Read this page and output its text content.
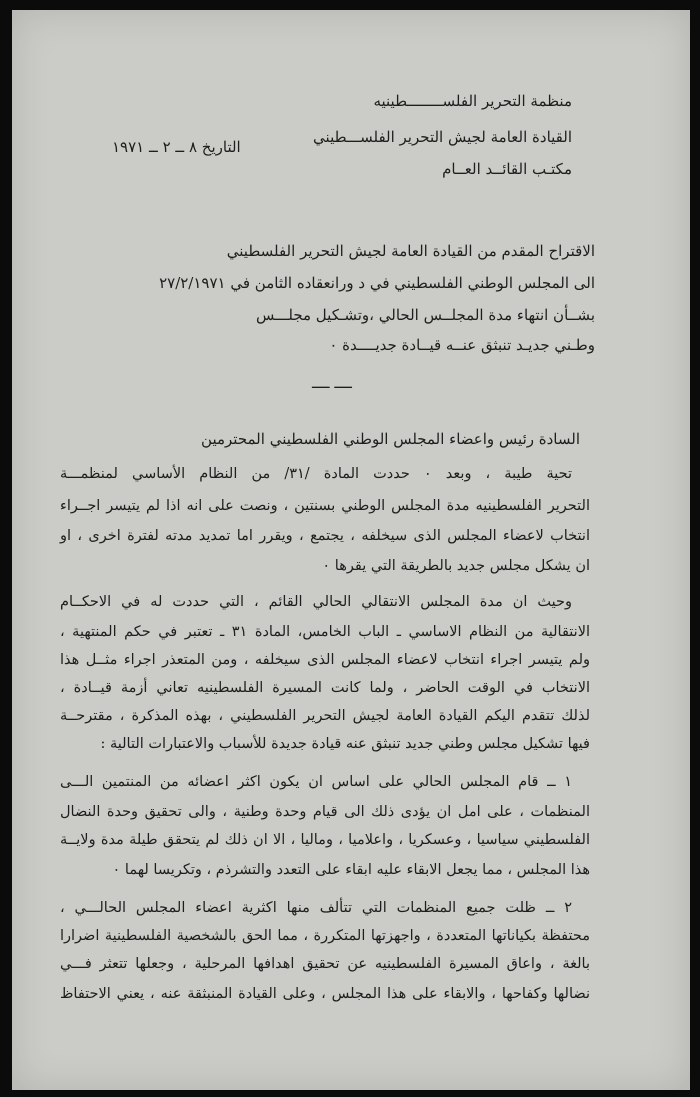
منظمة التحرير الفلســــــــطينيه
القيادة العامة لجيش التحرير الفلســـطيني
مكتـب القائــد العــام
التاريخ ٨ ــ ٢ ــ ١٩٧١
الاقتراح المقدم من القيادة العامة لجيش التحرير الفلسطيني
الى المجلس الوطني الفلسطيني في د ورانعقاده الثامن في ٢٧/٢/١٩٧١
بشــأن انتهاء مدة المجلــس الحالي ،وتشـكيل مجلـــس
وطـني جديـد تنبثق عنــه قيــادة جديــــدة ٠
ــــ ــــ
السادة رئيس واعضاء المجلس الوطني الفلسطيني المحترمين
تحية طيبة ، وبعد ٠ حددت المادة /٣١/ من النظام الأساسي لمنظمـــة
التحرير الفلسطينيه مدة المجلس الوطني بسنتين ، ونصت على انه اذا لم يتيسر اجــراء
انتخاب لاعضاء المجلس الذى سيخلفه ، يجتمع ، ويقرر اما تمديد مدته لفترة اخرى ، او
ان يشكل مجلس جديد بالطريقة التي يقرها ٠
وحيث ان مدة المجلس الانتقالي الحالي القائم ، التي حددت له في الاحكــام
الانتقالية من النظام الاساسي ـ الباب الخامس، المادة ٣١ ـ تعتبر في حكم المنتهية ،
ولم يتيسر اجراء انتخاب لاعضاء المجلس الذى سيخلفه ، ومن المتعذر اجراء مثــل هذا
الانتخاب في الوقت الحاضر ، ولما كانت المسيرة الفلسطينيه تعاني أزمة قيــادة ،
لذلك تتقدم اليكم القيادة العامة لجيش التحرير الفلسطيني ، بهذه المذكرة ، مقترحــة
فيها تشكيل مجلس وطني جديد تنبثق عنه قيادة جديدة للأسباب والاعتبارات التالية :
١ ــ قام المجلس الحالي على اساس ان يكون اكثر اعضائه من المنتمين الـــى
المنظمات ، على امل ان يؤدى ذلك الى قيام وحدة وطنية ، والى تحقيق وحدة النضال
الفلسطيني سياسيا ، وعسكريا ، واعلاميا ، وماليا ، الا ان ذلك لم يتحقق طيلة مدة ولايــة
هذا المجلس ، مما يجعل الابقاء عليه ابقاء على التعدد والتشرذم ، وتكريسا لهما ٠
٢ ــ ظلت جميع المنظمات التي تتألف منها اكثرية اعضاء المجلس الحالـــي ،
محتفظة بكياناتها المتعددة ، واجهزتها المتكررة ، مما الحق بالشخصية الفلسطينية اضرارا
بالغة ، واعاق المسيرة الفلسطينيه عن تحقيق اهدافها المرحلية ، وجعلها تتعثر فـــي
نضالها وكفاحها ، والابقاء على هذا المجلس ، وعلى القيادة المنبثقة عنه ، يعني الاحتفاظ
